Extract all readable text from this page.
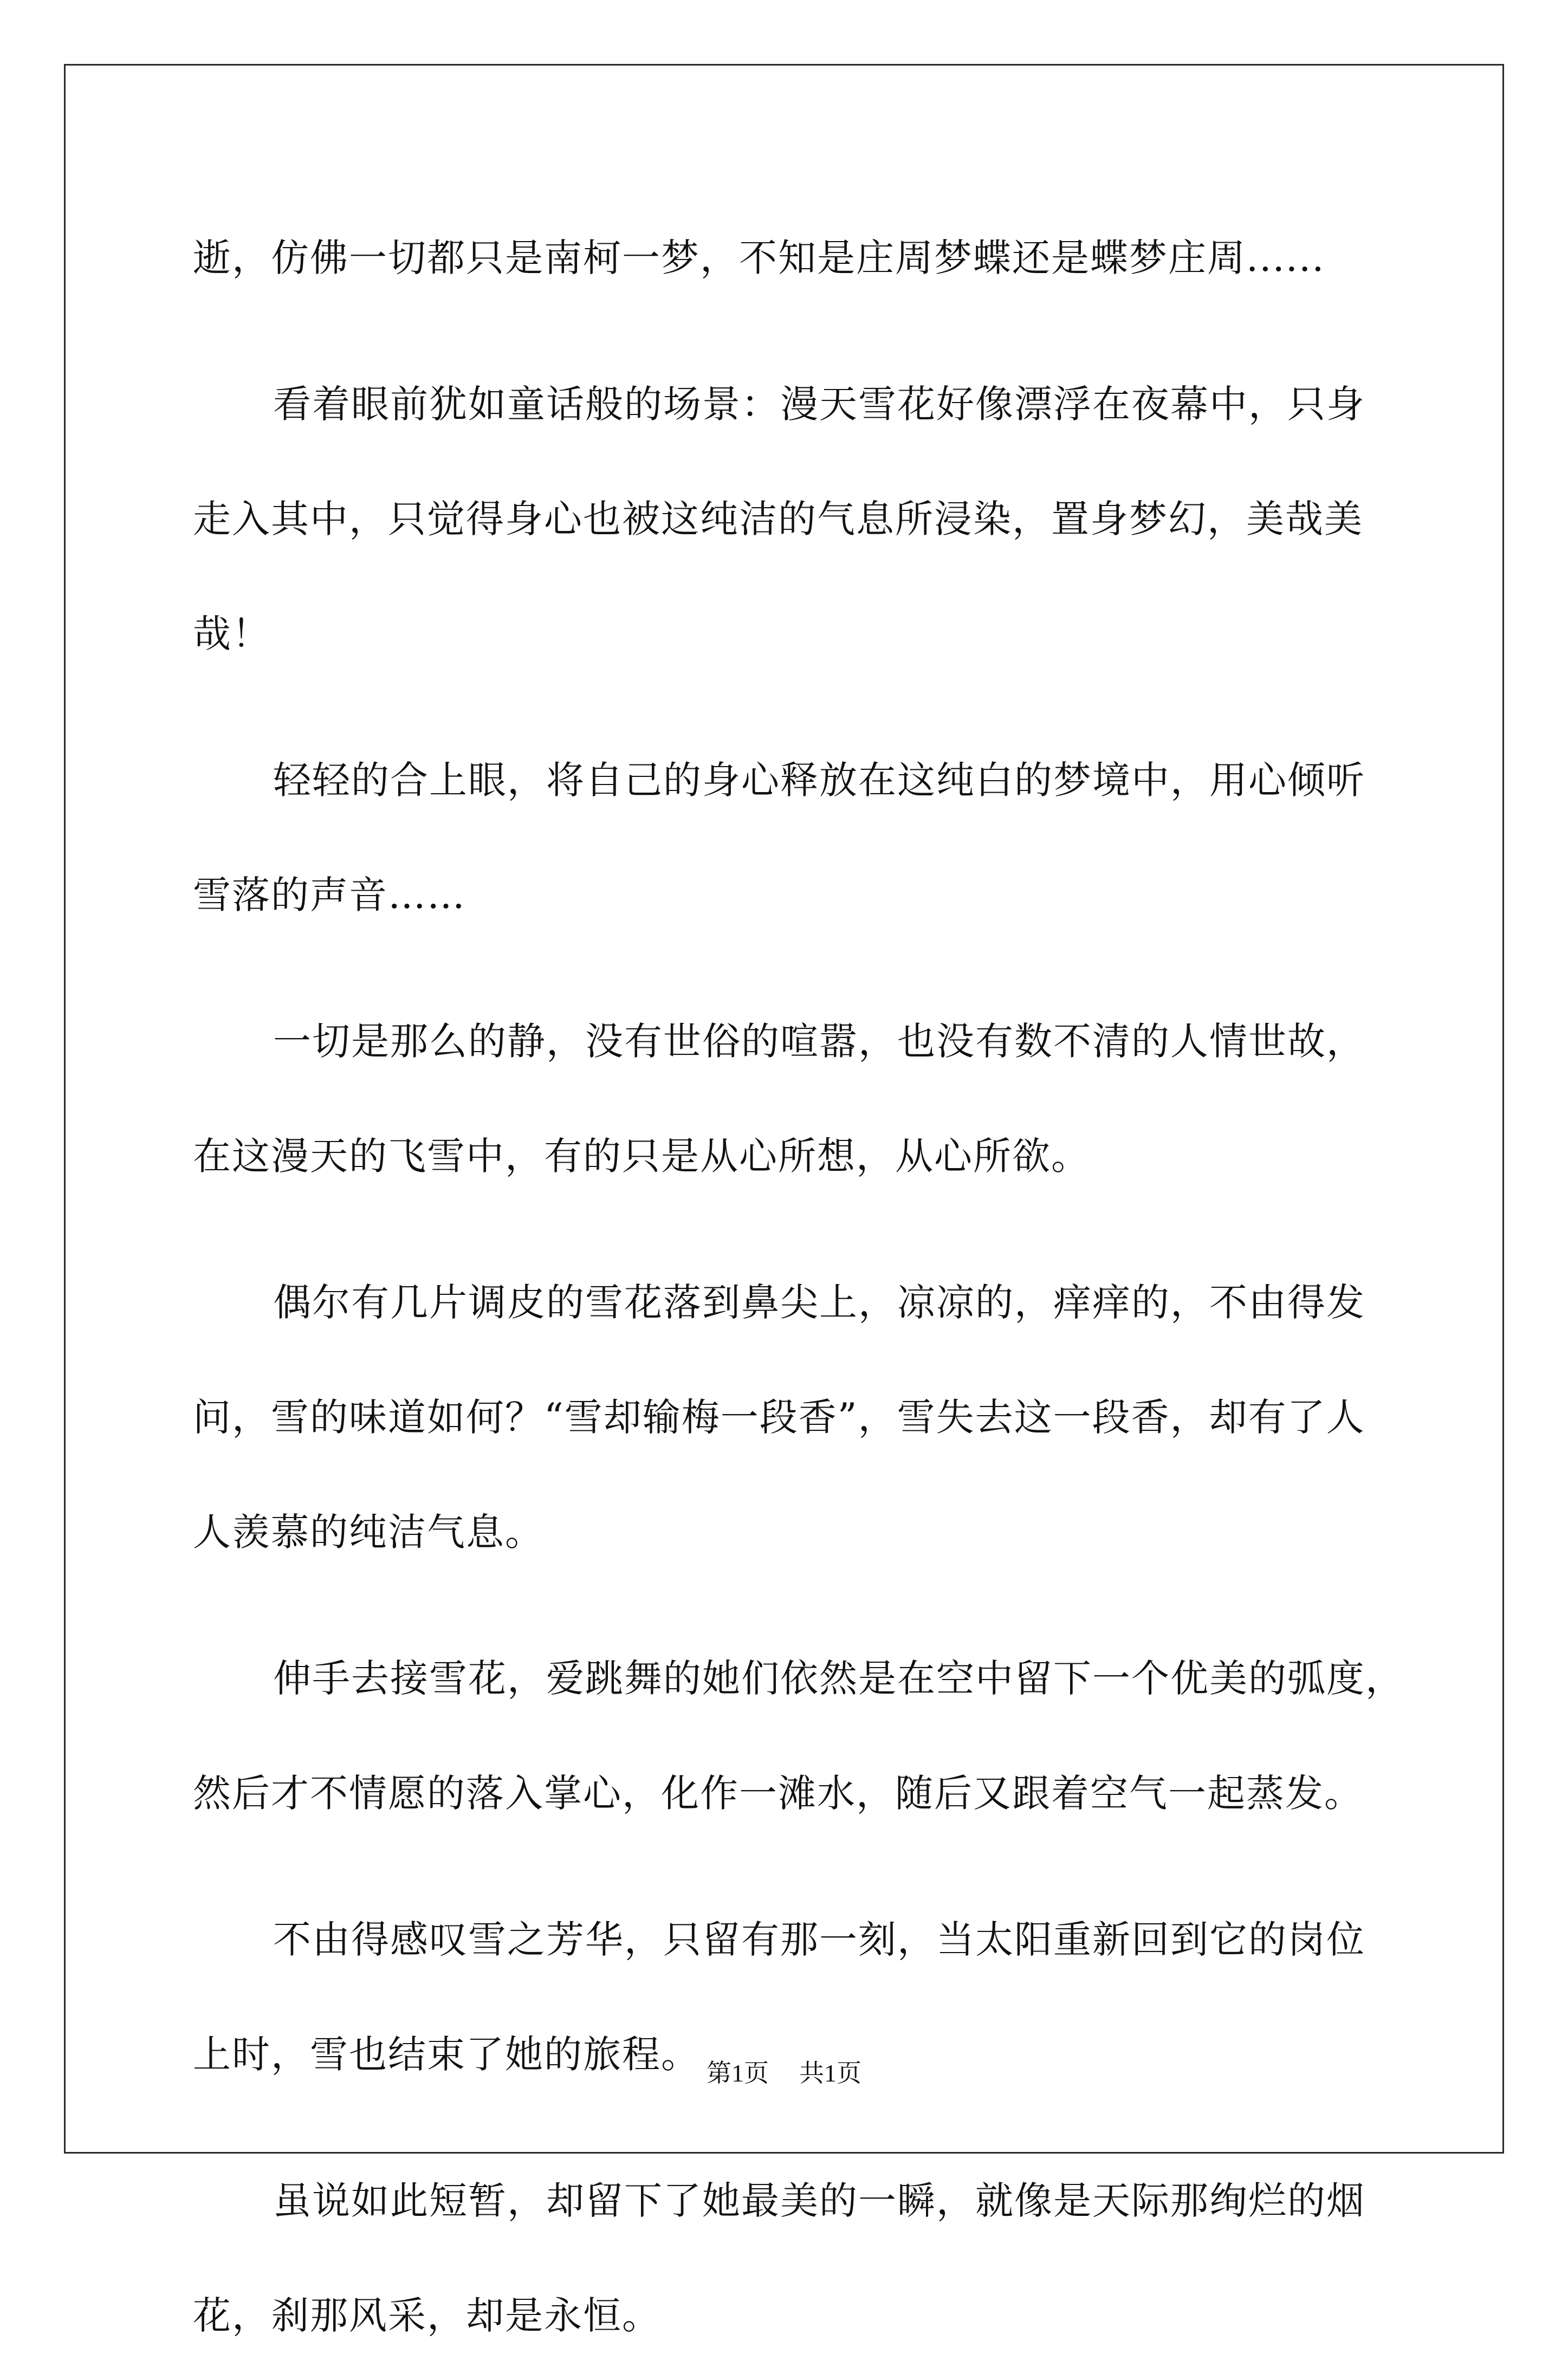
逝，仿佛一切都只是南柯一梦，不知是庄周梦蝶还是蝶梦庄周......
看着眼前犹如童话般的场景：漫天雪花好像漂浮在夜幕中，只身
走入其中，只觉得身心也被这纯洁的气息所浸染，置身梦幻，美哉美
哉！
轻轻的合上眼，将自己的身心释放在这纯白的梦境中，用心倾听
雪落的声音……
一切是那么的静，没有世俗的喧嚣，也没有数不清的人情世故，
在这漫天的飞雪中，有的只是从心所想，从心所欲。
偶尔有几片调皮的雪花落到鼻尖上，凉凉的，痒痒的，不由得发
问，雪的味道如何？“雪却输梅一段香”，雪失去这一段香，却有了人
人羡慕的纯洁气息。
伸手去接雪花，爱跳舞的她们依然是在空中留下一个优美的弧度，
然后才不情愿的落入掌心，化作一滩水，随后又跟着空气一起蒸发。
不由得感叹雪之芳华，只留有那一刻，当太阳重新回到它的岗位
上时，雪也结束了她的旅程。
虽说如此短暂，却留下了她最美的一瞬，就像是天际那绚烂的烟
花，刹那风采，却是永恒。
第1页 共1页
